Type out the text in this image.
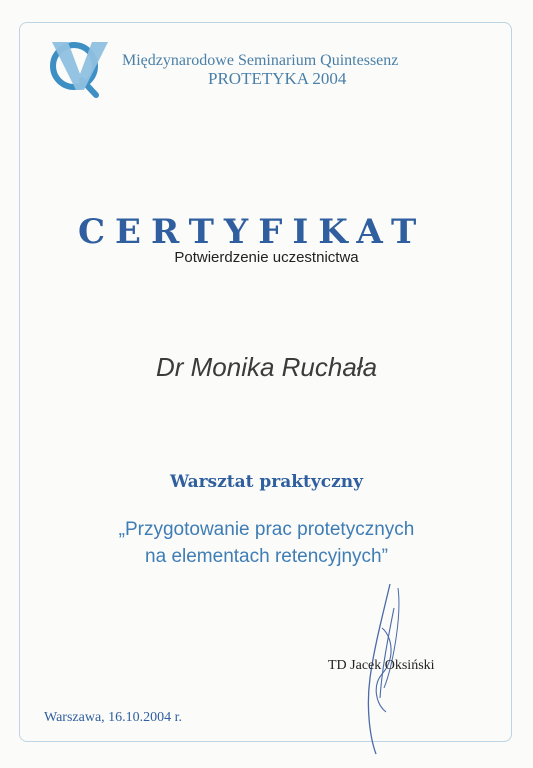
Międzynarodowe Seminarium Quintessenz
PROTETYKA 2004
CERTYFIKAT
Potwierdzenie uczestnictwa
Dr Monika Ruchała
Warsztat praktyczny
„Przygotowanie prac protetycznych
na elementach retencyjnych”
TD Jacek Oksiński
Warszawa, 16.10.2004 r.
